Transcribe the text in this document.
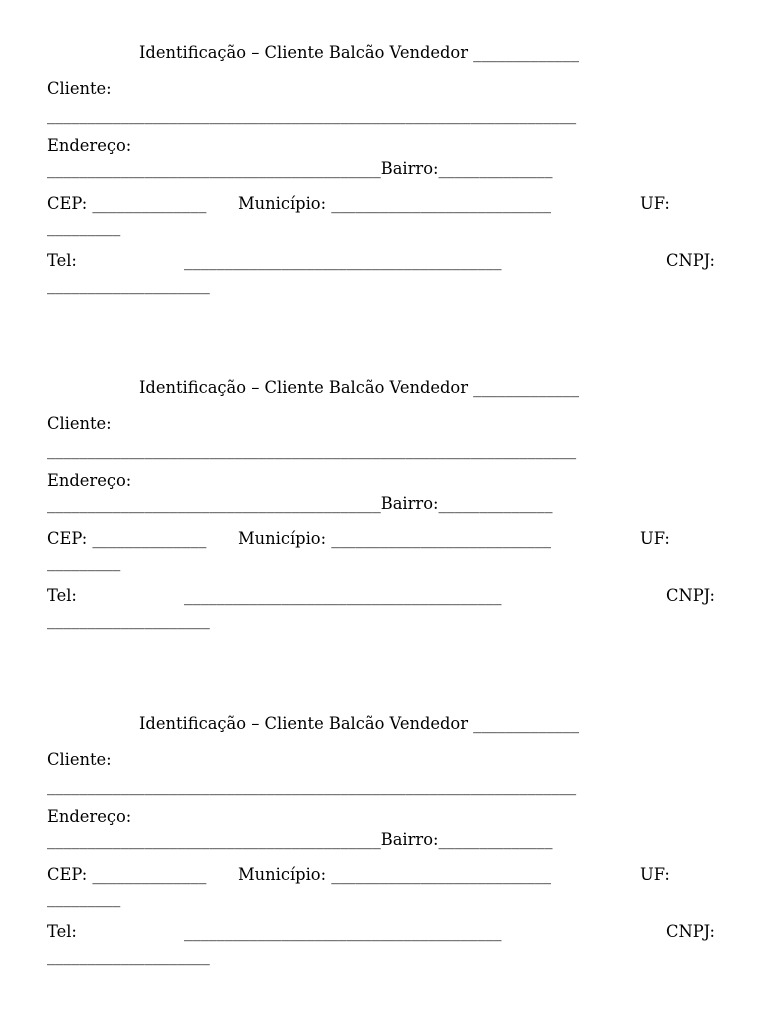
Identificação – Cliente Balcão Vendedor _____________
Cliente:
_________________________________________________________________
Endereço:
_________________________________________Bairro:______________
CEP: ______________ Município: ___________________________	UF:
_________
Tel:	_______________________________________	CNPJ:
____________________
Identificação – Cliente Balcão Vendedor _____________
Cliente:
_________________________________________________________________
Endereço:
_________________________________________Bairro:______________
CEP: ______________ Município: ___________________________	UF:
_________
Tel:	_______________________________________	CNPJ:
____________________
Identificação – Cliente Balcão Vendedor _____________
Cliente:
_________________________________________________________________
Endereço:
_________________________________________Bairro:______________
CEP: ______________ Município: ___________________________	UF:
_________
Tel:	_______________________________________	CNPJ:
____________________
